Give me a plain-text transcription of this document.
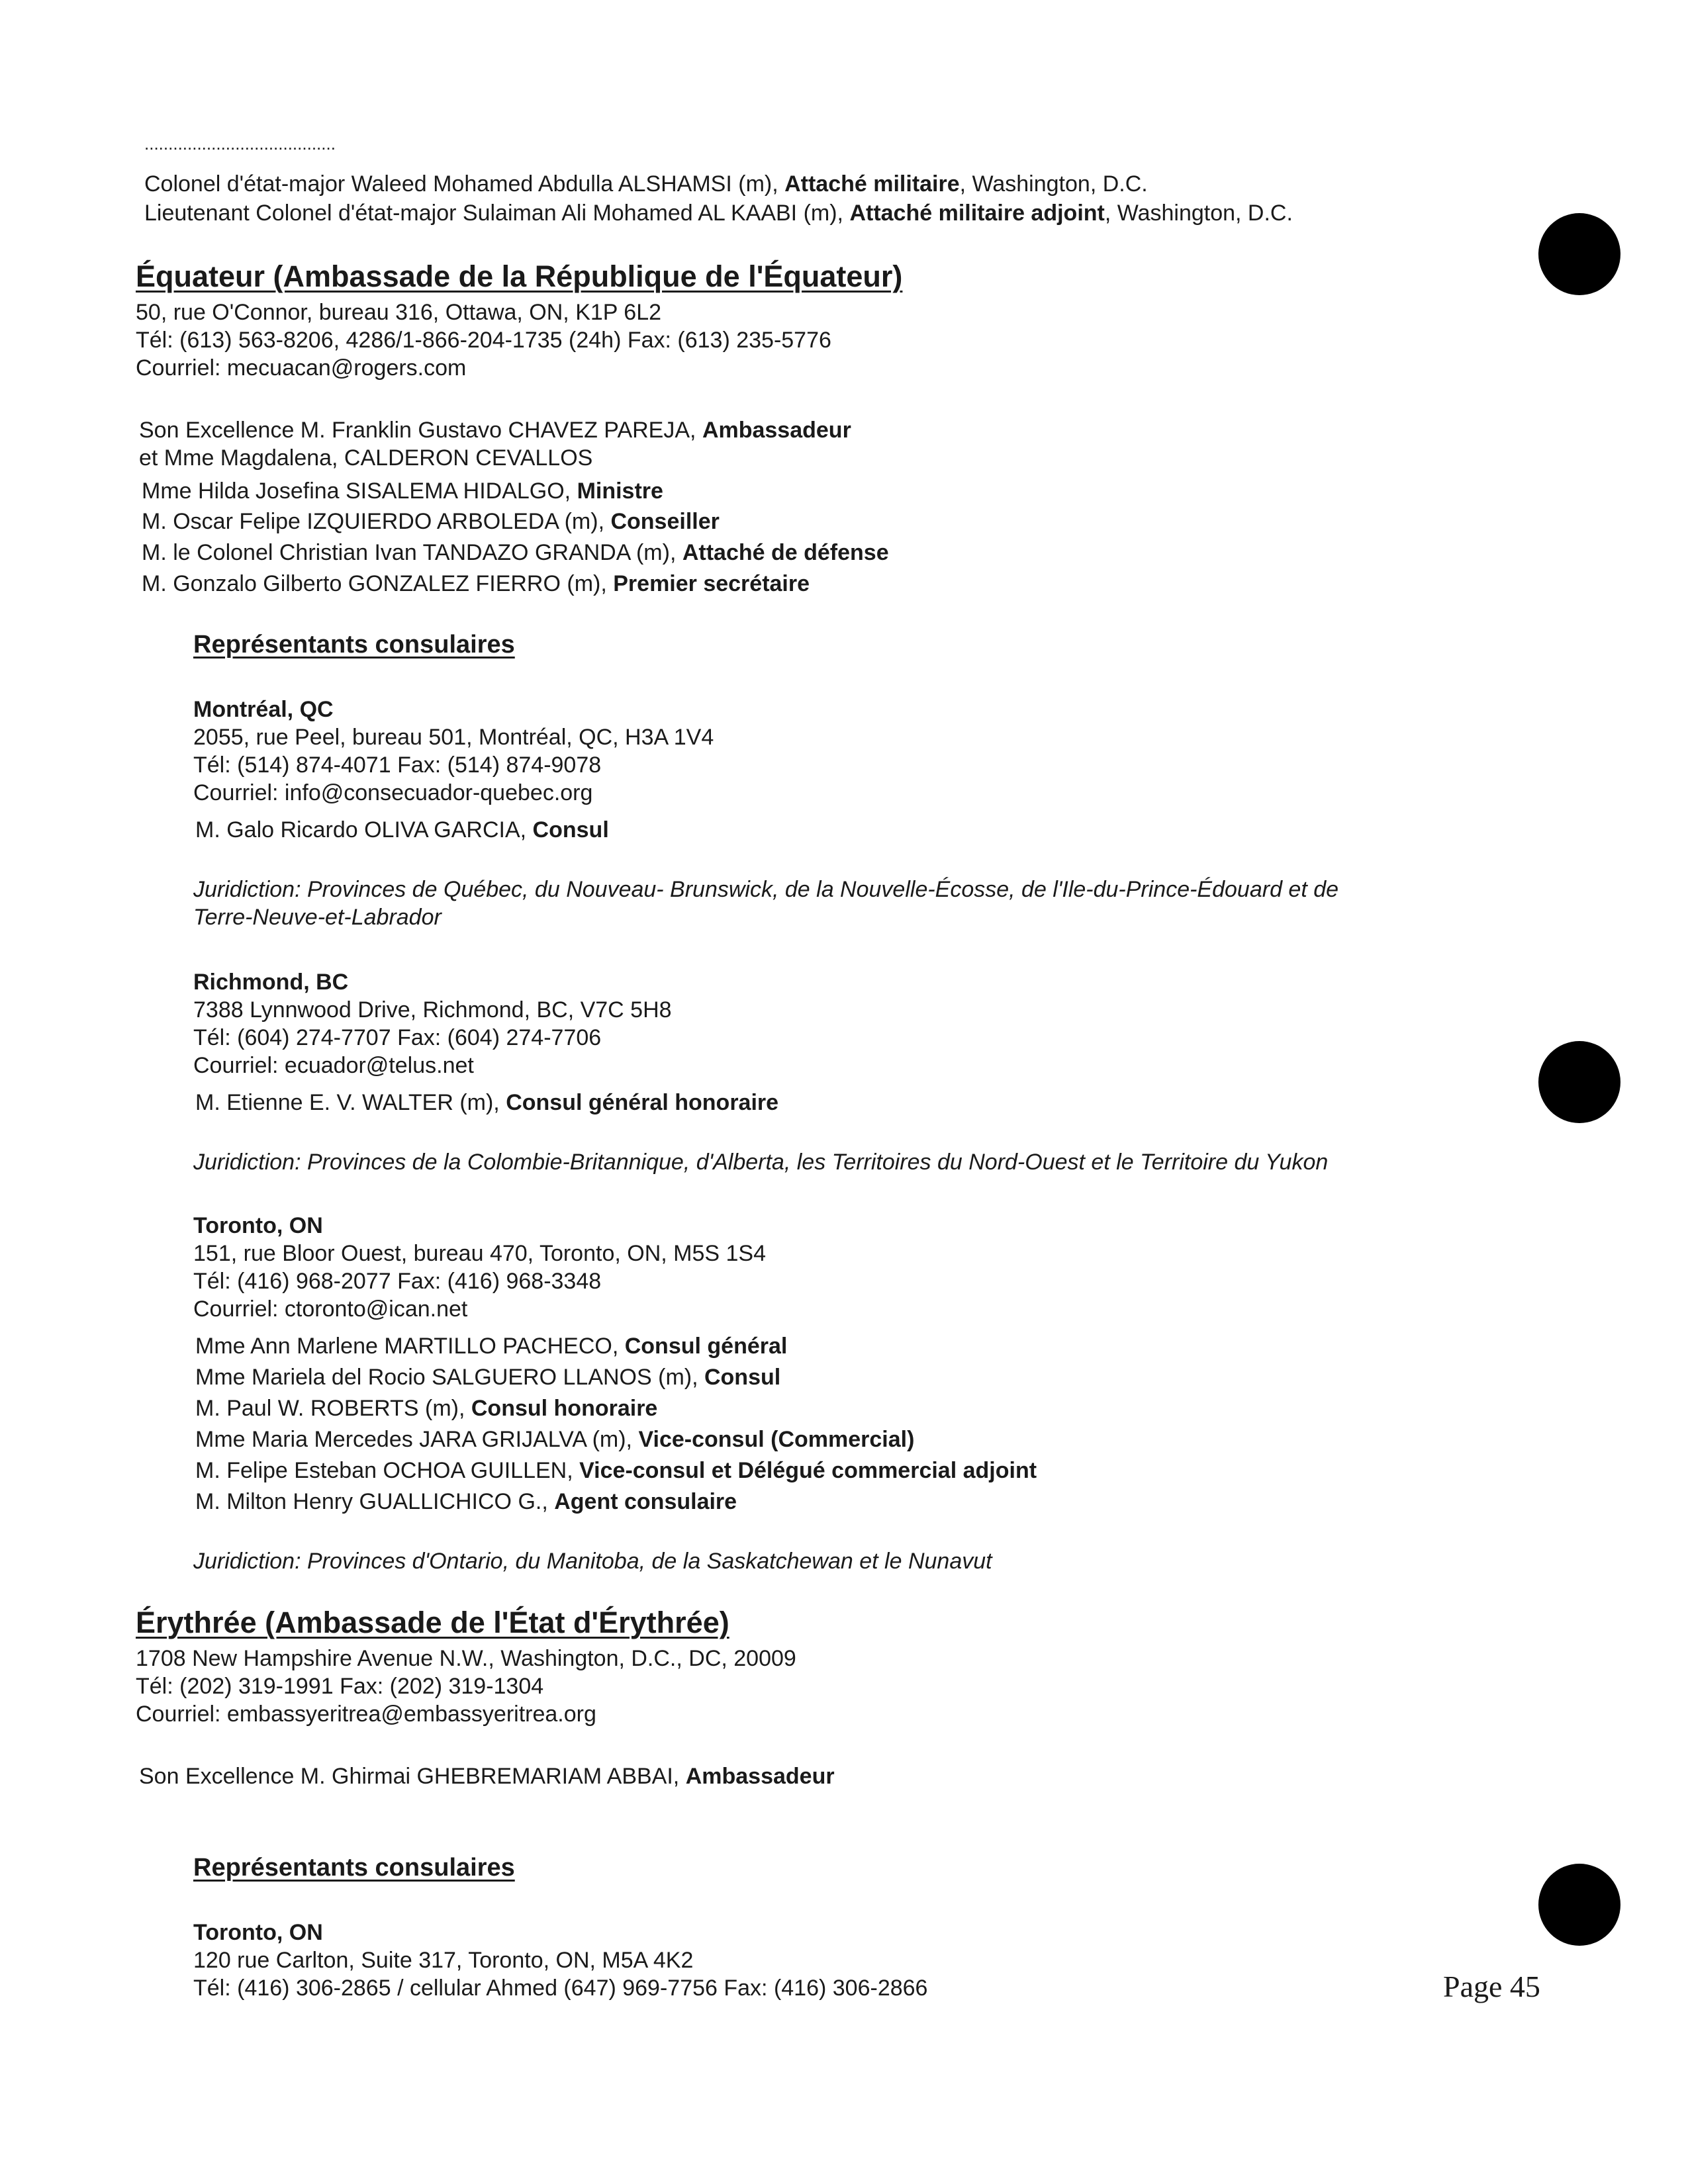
........................................
Colonel d'état-major Waleed Mohamed Abdulla ALSHAMSI (m), Attaché militaire, Washington, D.C.
Lieutenant Colonel d'état-major Sulaiman Ali Mohamed AL KAABI (m), Attaché militaire adjoint, Washington, D.C.
Équateur (Ambassade de la République de l'Équateur)
50, rue O'Connor, bureau 316, Ottawa, ON, K1P 6L2
Tél: (613) 563-8206, 4286/1-866-204-1735 (24h) Fax: (613) 235-5776
Courriel: mecuacan@rogers.com
Son Excellence M. Franklin Gustavo CHAVEZ PAREJA, Ambassadeur
et Mme Magdalena, CALDERON CEVALLOS
Mme Hilda Josefina SISALEMA HIDALGO, Ministre
M. Oscar Felipe IZQUIERDO ARBOLEDA (m), Conseiller
M. le Colonel Christian Ivan TANDAZO GRANDA (m), Attaché de défense
M. Gonzalo Gilberto GONZALEZ FIERRO (m), Premier secrétaire
Représentants consulaires
Montréal, QC
2055, rue Peel, bureau 501, Montréal, QC, H3A 1V4
Tél: (514) 874-4071 Fax: (514) 874-9078
Courriel: info@consecuador-quebec.org
M. Galo Ricardo OLIVA GARCIA, Consul
Juridiction: Provinces de Québec, du Nouveau- Brunswick, de la Nouvelle-Écosse, de l'Ile-du-Prince-Édouard et de
Terre-Neuve-et-Labrador
Richmond, BC
7388 Lynnwood Drive, Richmond, BC, V7C 5H8
Tél: (604) 274-7707 Fax: (604) 274-7706
Courriel: ecuador@telus.net
M. Etienne E. V. WALTER (m), Consul général honoraire
Juridiction: Provinces de la Colombie-Britannique, d'Alberta, les Territoires du Nord-Ouest et le Territoire du Yukon
Toronto, ON
151, rue Bloor Ouest, bureau 470, Toronto, ON, M5S 1S4
Tél: (416) 968-2077 Fax: (416) 968-3348
Courriel: ctoronto@ican.net
Mme Ann Marlene MARTILLO PACHECO, Consul général
Mme Mariela del Rocio SALGUERO LLANOS (m), Consul
M. Paul W. ROBERTS (m), Consul honoraire
Mme Maria Mercedes JARA GRIJALVA (m), Vice-consul (Commercial)
M. Felipe Esteban OCHOA GUILLEN, Vice-consul et Délégué commercial adjoint
M. Milton Henry GUALLICHICO G., Agent consulaire
Juridiction: Provinces d'Ontario, du Manitoba, de la Saskatchewan et le Nunavut
Érythrée (Ambassade de l'État d'Érythrée)
1708 New Hampshire Avenue N.W., Washington, D.C., DC, 20009
Tél: (202) 319-1991 Fax: (202) 319-1304
Courriel: embassyeritrea@embassyeritrea.org
Son Excellence M. Ghirmai GHEBREMARIAM ABBAI, Ambassadeur
Représentants consulaires
Toronto, ON
120 rue Carlton, Suite 317, Toronto, ON, M5A 4K2
Tél: (416) 306-2865 / cellular Ahmed (647) 969-7756 Fax: (416) 306-2866	Page 45
